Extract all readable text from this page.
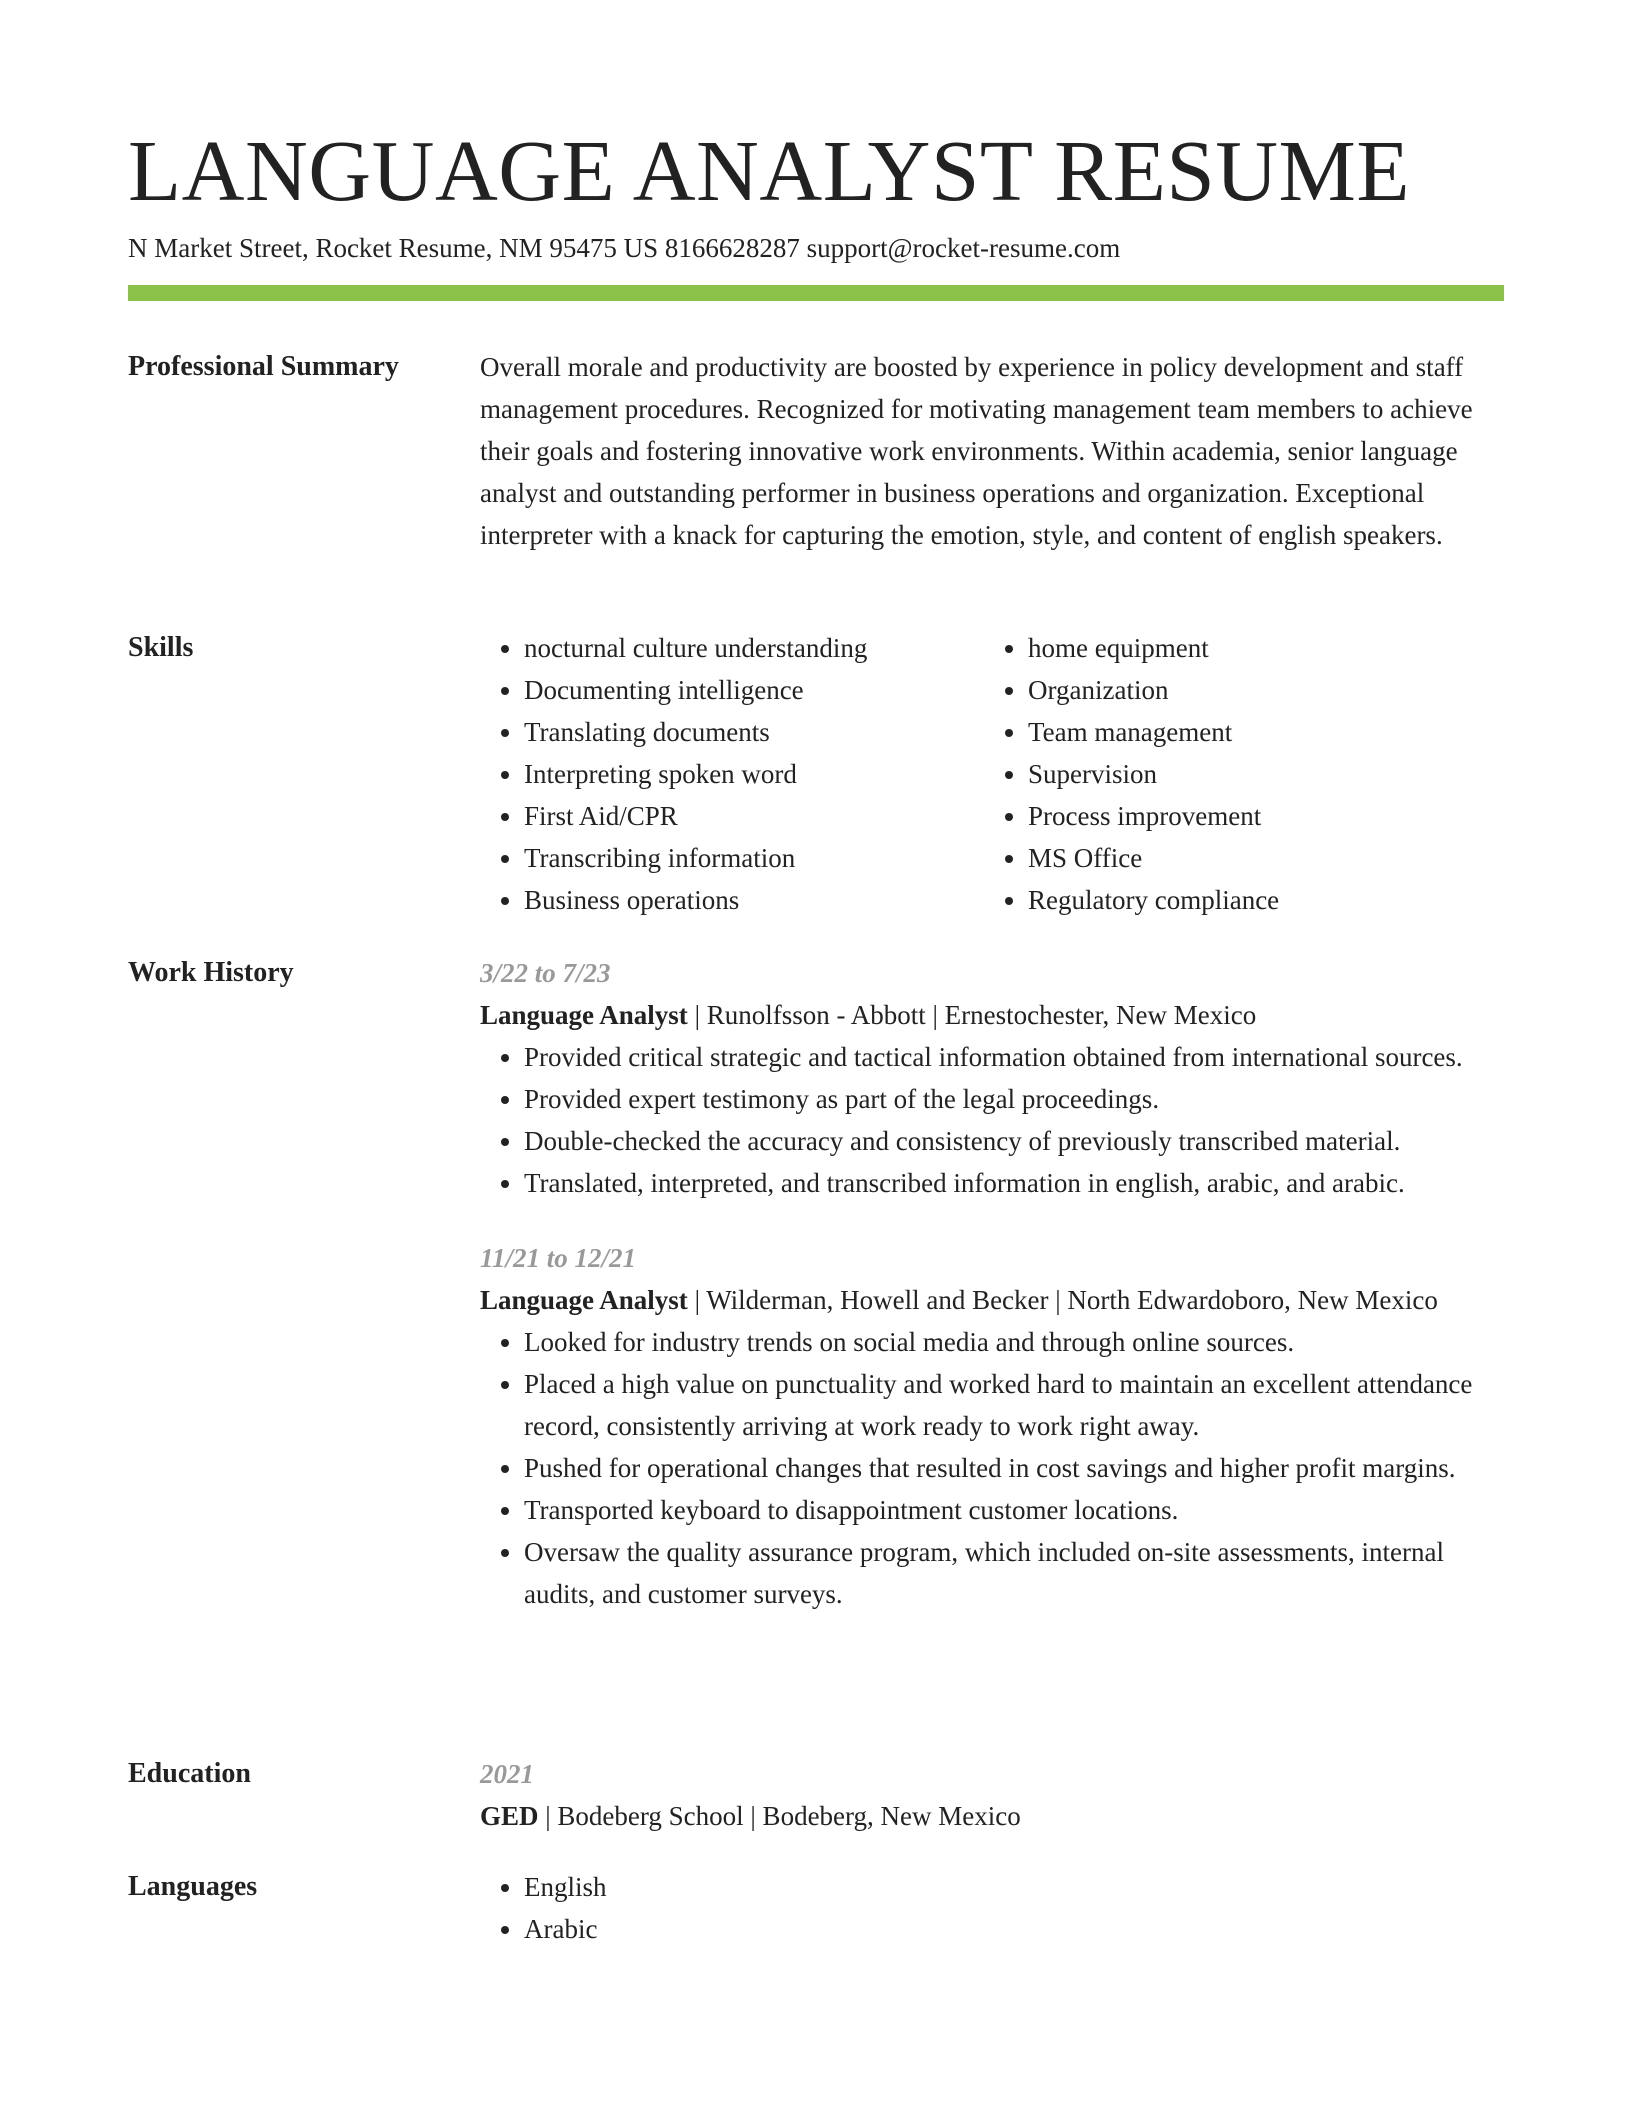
LANGUAGE ANALYST RESUME
N Market Street, Rocket Resume, NM 95475 US 8166628287 support@rocket-resume.com
Professional Summary	Overall morale and productivity are boosted by experience in policy development and staff management procedures. Recognized for motivating management team members to achieve their goals and fostering innovative work environments. Within academia, senior language analyst and outstanding performer in business operations and organization. Exceptional interpreter with a knack for capturing the emotion, style, and content of english speakers.

Skills	• nocturnal culture understanding
• Documenting intelligence
• Translating documents
• Interpreting spoken word
• First Aid/CPR
• Transcribing information
• Business operations
• home equipment
• Organization
• Team management
• Supervision
• Process improvement
• MS Office
• Regulatory compliance
Work History	3/22 to 7/23
Language Analyst | Runolfsson - Abbott | Ernestochester, New Mexico
• Provided critical strategic and tactical information obtained from international sources.
• Provided expert testimony as part of the legal proceedings.
• Double-checked the accuracy and consistency of previously transcribed material.
• Translated, interpreted, and transcribed information in english, arabic, and arabic.
11/21 to 12/21
Language Analyst | Wilderman, Howell and Becker | North Edwardoboro, New Mexico
• Looked for industry trends on social media and through online sources.
• Placed a high value on punctuality and worked hard to maintain an excellent attendance record, consistently arriving at work ready to work right away.
• Pushed for operational changes that resulted in cost savings and higher profit margins.
• Transported keyboard to disappointment customer locations.
• Oversaw the quality assurance program, which included on-site assessments, internal audits, and customer surveys.
Education	2021
GED | Bodeberg School | Bodeberg, New Mexico
Languages	• English
• Arabic
